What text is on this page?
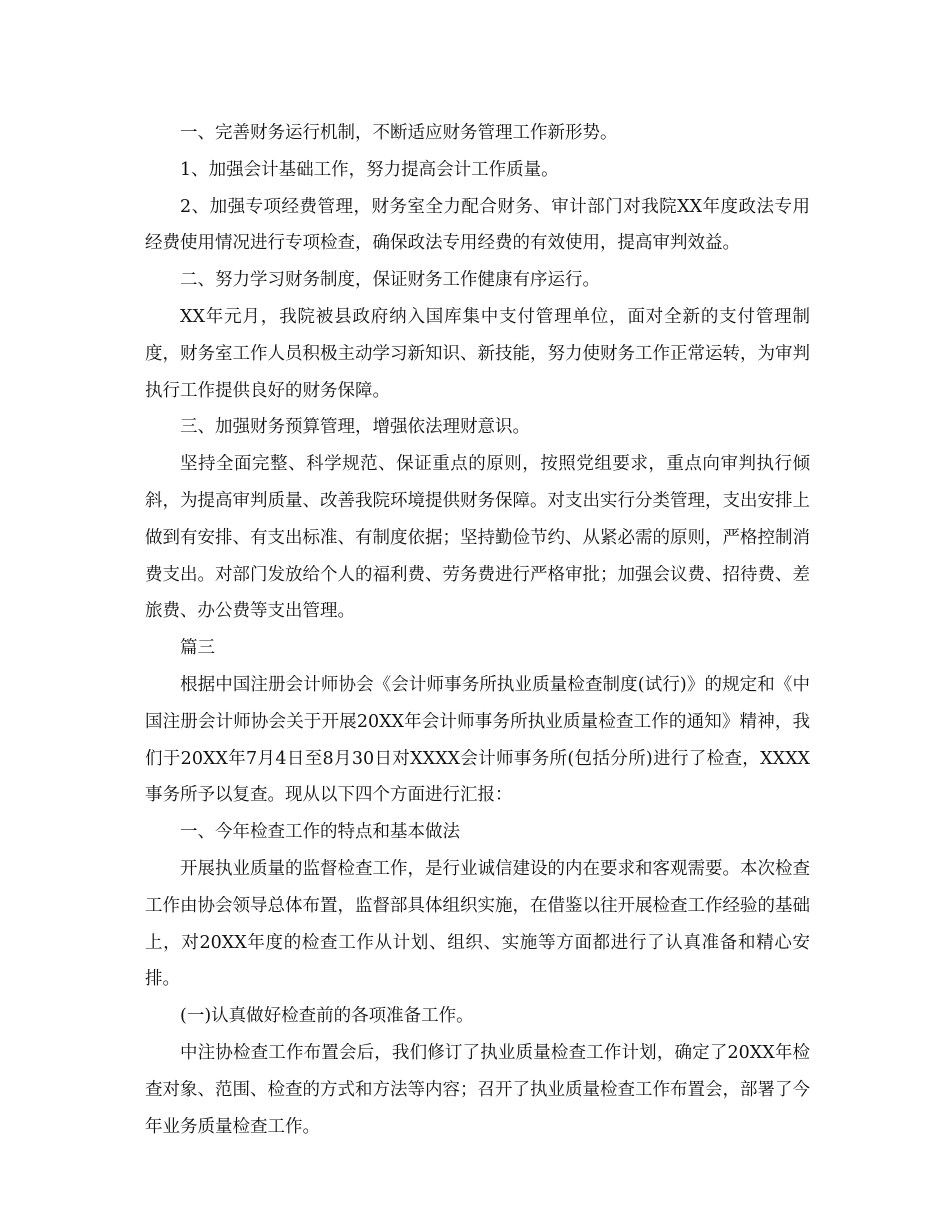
一、完善财务运行机制，不断适应财务管理工作新形势。

1、加强会计基础工作，努力提高会计工作质量。

2、加强专项经费管理，财务室全力配合财务、审计部门对我院XX年度政法专用经费使用情况进行专项检查，确保政法专用经费的有效使用，提高审判效益。

二、努力学习财务制度，保证财务工作健康有序运行。

XX年元月，我院被县政府纳入国库集中支付管理单位，面对全新的支付管理制度，财务室工作人员积极主动学习新知识、新技能，努力使财务工作正常运转，为审判执行工作提供良好的财务保障。

三、加强财务预算管理，增强依法理财意识。

坚持全面完整、科学规范、保证重点的原则，按照党组要求，重点向审判执行倾斜，为提高审判质量、改善我院环境提供财务保障。对支出实行分类管理，支出安排上做到有安排、有支出标准、有制度依据；坚持勤俭节约、从紧必需的原则，严格控制消费支出。对部门发放给个人的福利费、劳务费进行严格审批；加强会议费、招待费、差旅费、办公费等支出管理。

篇三

根据中国注册会计师协会《会计师事务所执业质量检查制度(试行)》的规定和《中国注册会计师协会关于开展20XX年会计师事务所执业质量检查工作的通知》精神，我们于20XX年7月4日至8月30日对XXXX会计师事务所(包括分所)进行了检查，XXXX事务所予以复查。现从以下四个方面进行汇报：

一、今年检查工作的特点和基本做法

开展执业质量的监督检查工作，是行业诚信建设的内在要求和客观需要。本次检查工作由协会领导总体布置，监督部具体组织实施，在借鉴以往开展检查工作经验的基础上，对20XX年度的检查工作从计划、组织、实施等方面都进行了认真准备和精心安排。

(一)认真做好检查前的各项准备工作。

中注协检查工作布置会后，我们修订了执业质量检查工作计划，确定了20XX年检查对象、范围、检查的方式和方法等内容；召开了执业质量检查工作布置会，部署了今年业务质量检查工作。
